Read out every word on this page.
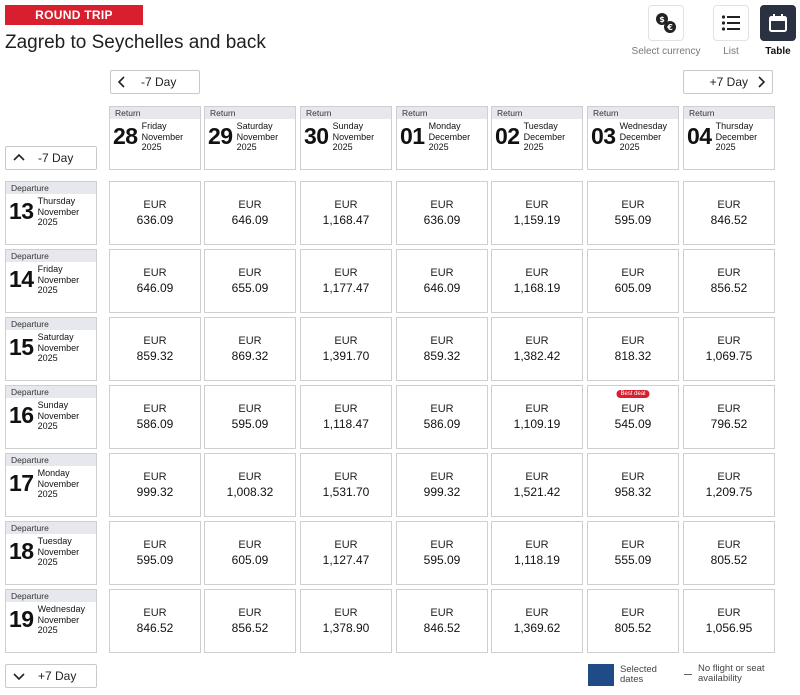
ROUND TRIP
Zagreb to Seychelles and back
$
€
Select currency List	Table
-7 Day	+7 Day
-7 Day
+7 Day
Return
28 Friday
November
2025
Return
29 Saturday
November
2025
Return
30 Sunday
November
2025
Return
01 Monday
December
2025
Return
02 Tuesday
December
2025
Return
03 Wednesday
December
2025
Return
04 Thursday
December
2025
Departure
13 Thursday
November
2025
Departure
14 Friday
November
2025
Departure
15 Saturday
November
2025
Departure
16 Sunday
November
2025
Departure
17 Monday
November
2025
Departure
18 Tuesday
November
2025
Departure
19 Wednesday
November
2025
EUR
636.09
EUR
646.09
EUR
1,168.47
EUR
636.09
EUR
1,159.19
EUR
595.09
EUR
846.52
EUR
646.09
EUR
655.09
EUR
1,177.47
EUR
646.09
EUR
1,168.19
EUR
605.09
EUR
856.52
EUR
859.32
EUR
869.32
EUR
1,391.70
EUR
859.32
EUR
1,382.42
EUR
818.32
EUR
1,069.75
EUR
586.09
EUR
595.09
EUR
1,118.47
EUR
586.09
EUR
1,109.19
Best deal
EUR
545.09
EUR
796.52
EUR
999.32
EUR
1,008.32
EUR
1,531.70
EUR
999.32
EUR
1,521.42
EUR
958.32
EUR
1,209.75
EUR
595.09
EUR
605.09
EUR
1,127.47
EUR
595.09
EUR
1,118.19
EUR
555.09
EUR
805.52
EUR
846.52
EUR
856.52
EUR
1,378.90
EUR
846.52
EUR
1,369.62
EUR
805.52
EUR
1,056.95
Selected dates
No flight or seat availability
